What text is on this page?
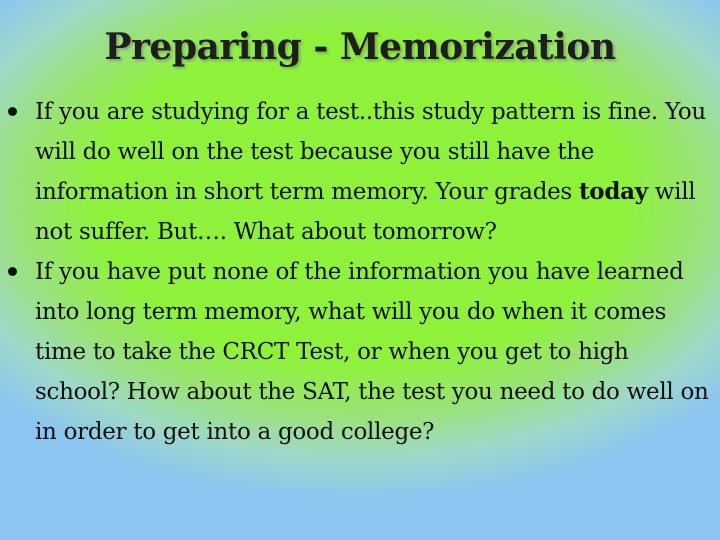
Preparing - Memorization
If you are studying for a test..this study pattern is fine. You will do well on the test because you still have the information in short term memory. Your grades today will not suffer. But…. What about tomorrow?
If you have put none of the information you have learned into long term memory, what will you do when it comes time to take the CRCT Test, or when you get to high school? How about the SAT, the test you need to do well on in order to get into a good college?
